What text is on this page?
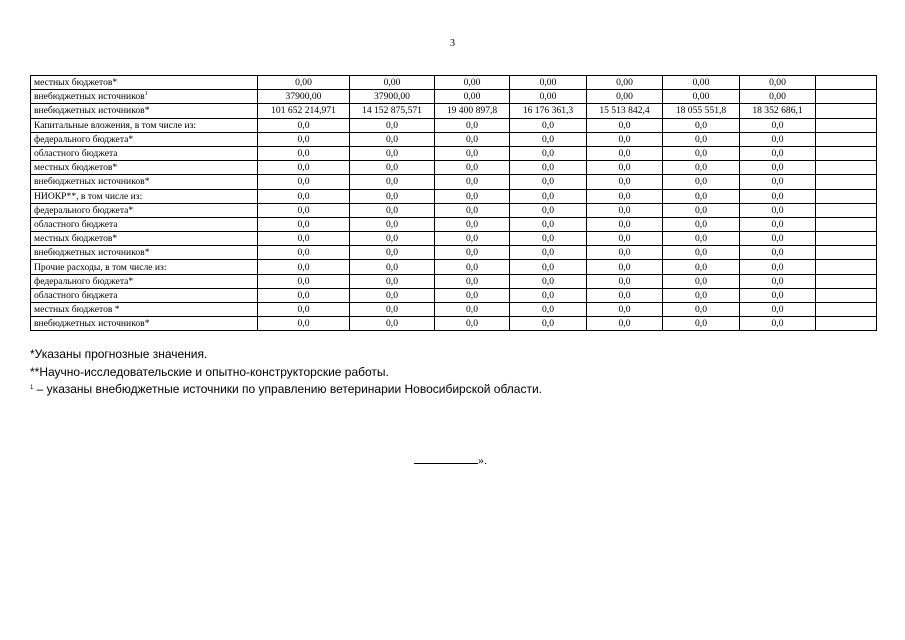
3
местных бюджетов*	0,00	0,00	0,00	0,00	0,00	0,00	0,00	
внебюджетных источников$^1$	37900,00	37900,00	0,00	0,00	0,00	0,00	0,00	
внебюджетных источников*	101 652 214,971	14 152 875,571	19 400 897,8	16 176 361,3	15 513 842,4	18 055 551,8	18 352 686,1	
Капитальные вложения, в том числе из:	0,0	0,0	0,0	0,0	0,0	0,0	0,0	
федерального бюджета*	0,0	0,0	0,0	0,0	0,0	0,0	0,0	
областного бюджета	0,0	0,0	0,0	0,0	0,0	0,0	0,0	
местных бюджетов*	0,0	0,0	0,0	0,0	0,0	0,0	0,0	
внебюджетных источников*	0,0	0,0	0,0	0,0	0,0	0,0	0,0	
НИОКР**, в том числе из:	0,0	0,0	0,0	0,0	0,0	0,0	0,0	
федерального бюджета*	0,0	0,0	0,0	0,0	0,0	0,0	0,0	
областного бюджета	0,0	0,0	0,0	0,0	0,0	0,0	0,0	
местных бюджетов*	0,0	0,0	0,0	0,0	0,0	0,0	0,0	
внебюджетных источников*	0,0	0,0	0,0	0,0	0,0	0,0	0,0	
Прочие расходы, в том числе из:	0,0	0,0	0,0	0,0	0,0	0,0	0,0	
федерального бюджета*	0,0	0,0	0,0	0,0	0,0	0,0	0,0	
областного бюджета	0,0	0,0	0,0	0,0	0,0	0,0	0,0	
местных бюджетов *	0,0	0,0	0,0	0,0	0,0	0,0	0,0	
внебюджетных источников*	0,0	0,0	0,0	0,0	0,0	0,0	0,0	

*Указаны прогнозные значения.

**Научно-исследовательские и опытно-конструкторские работы.

$^1$ – указаны внебюджетные источники по управлению ветеринарии Новосибирской области.

».
